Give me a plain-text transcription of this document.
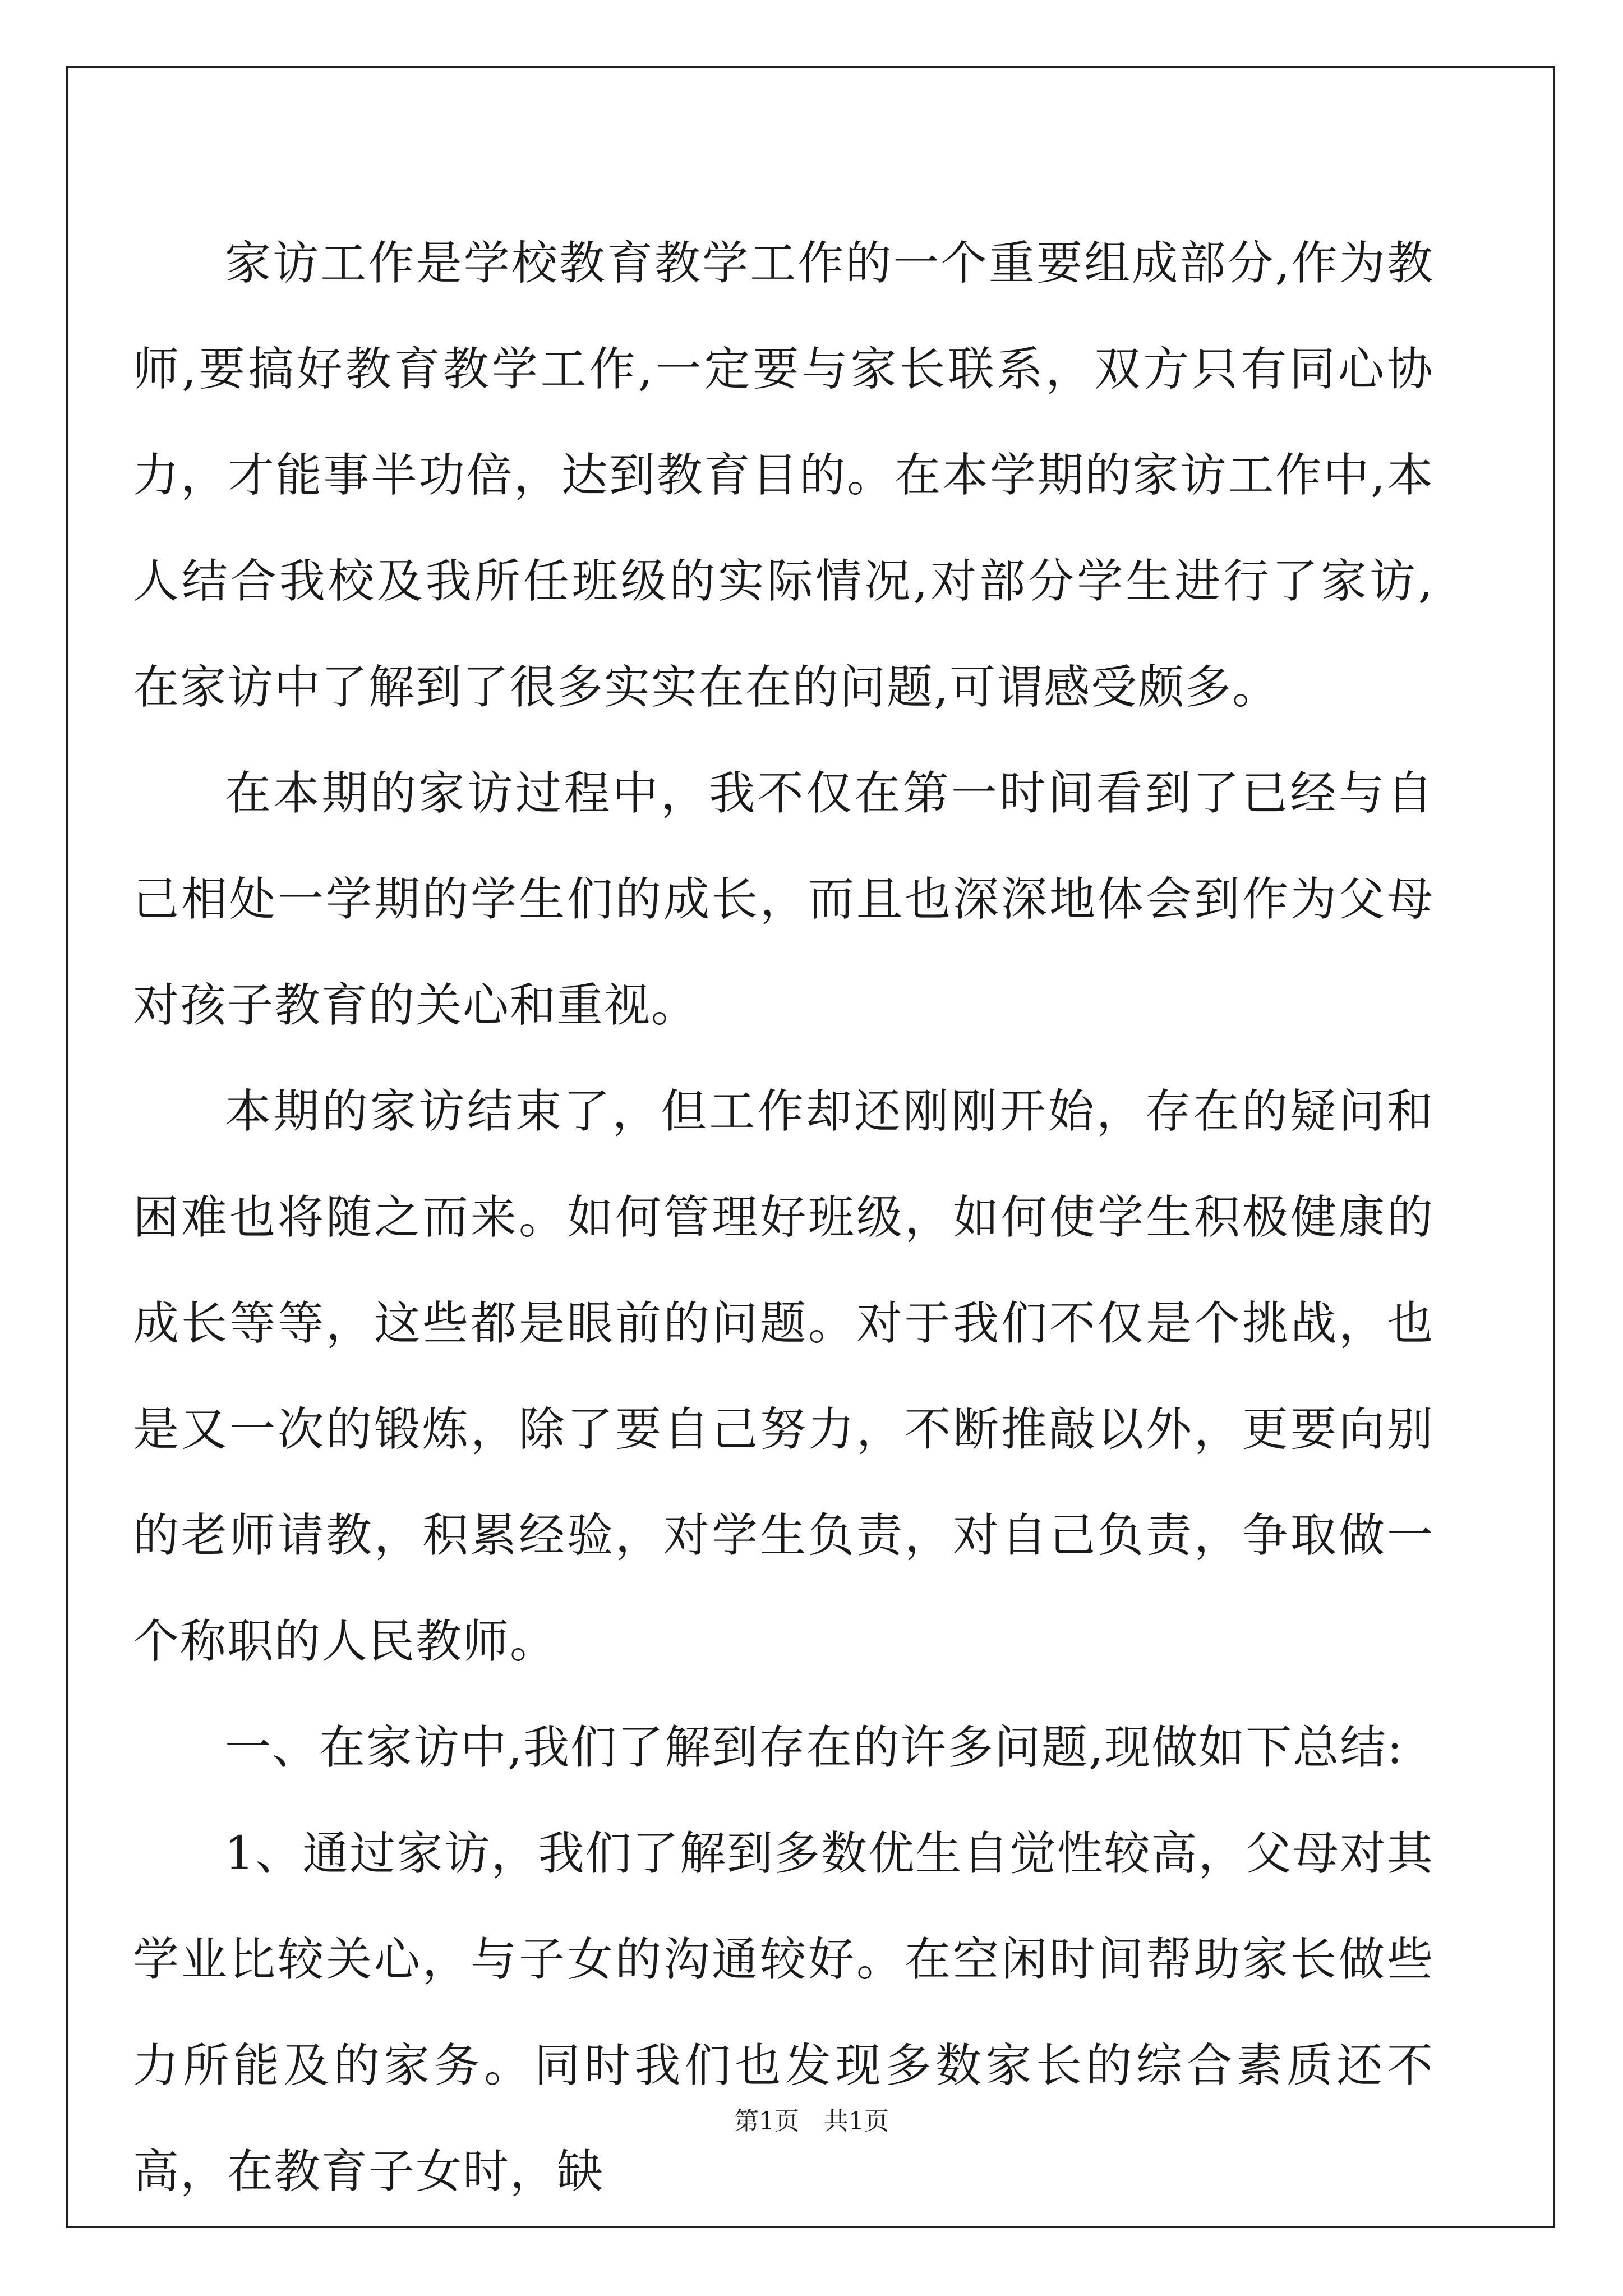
家访工作是学校教育教学工作的一个重要组成部分,作为教师,要搞好教育教学工作,一定要与家长联系，双方只有同心协力，才能事半功倍，达到教育目的。在本学期的家访工作中,本人结合我校及我所任班级的实际情况,对部分学生进行了家访,在家访中了解到了很多实实在在的问题,可谓感受颇多。

在本期的家访过程中，我不仅在第一时间看到了已经与自己相处一学期的学生们的成长，而且也深深地体会到作为父母对孩子教育的关心和重视。

本期的家访结束了，但工作却还刚刚开始，存在的疑问和困难也将随之而来。如何管理好班级，如何使学生积极健康的成长等等，这些都是眼前的问题。对于我们不仅是个挑战，也是又一次的锻炼，除了要自己努力，不断推敲以外，更要向别的老师请教，积累经验，对学生负责，对自己负责，争取做一个称职的人民教师。

一、在家访中,我们了解到存在的许多问题,现做如下总结:

1、通过家访，我们了解到多数优生自觉性较高，父母对其学业比较关心，与子女的沟通较好。在空闲时间帮助家长做些力所能及的家务。同时我们也发现多数家长的综合素质还不高，在教育子女时，缺

第1页 共1页
